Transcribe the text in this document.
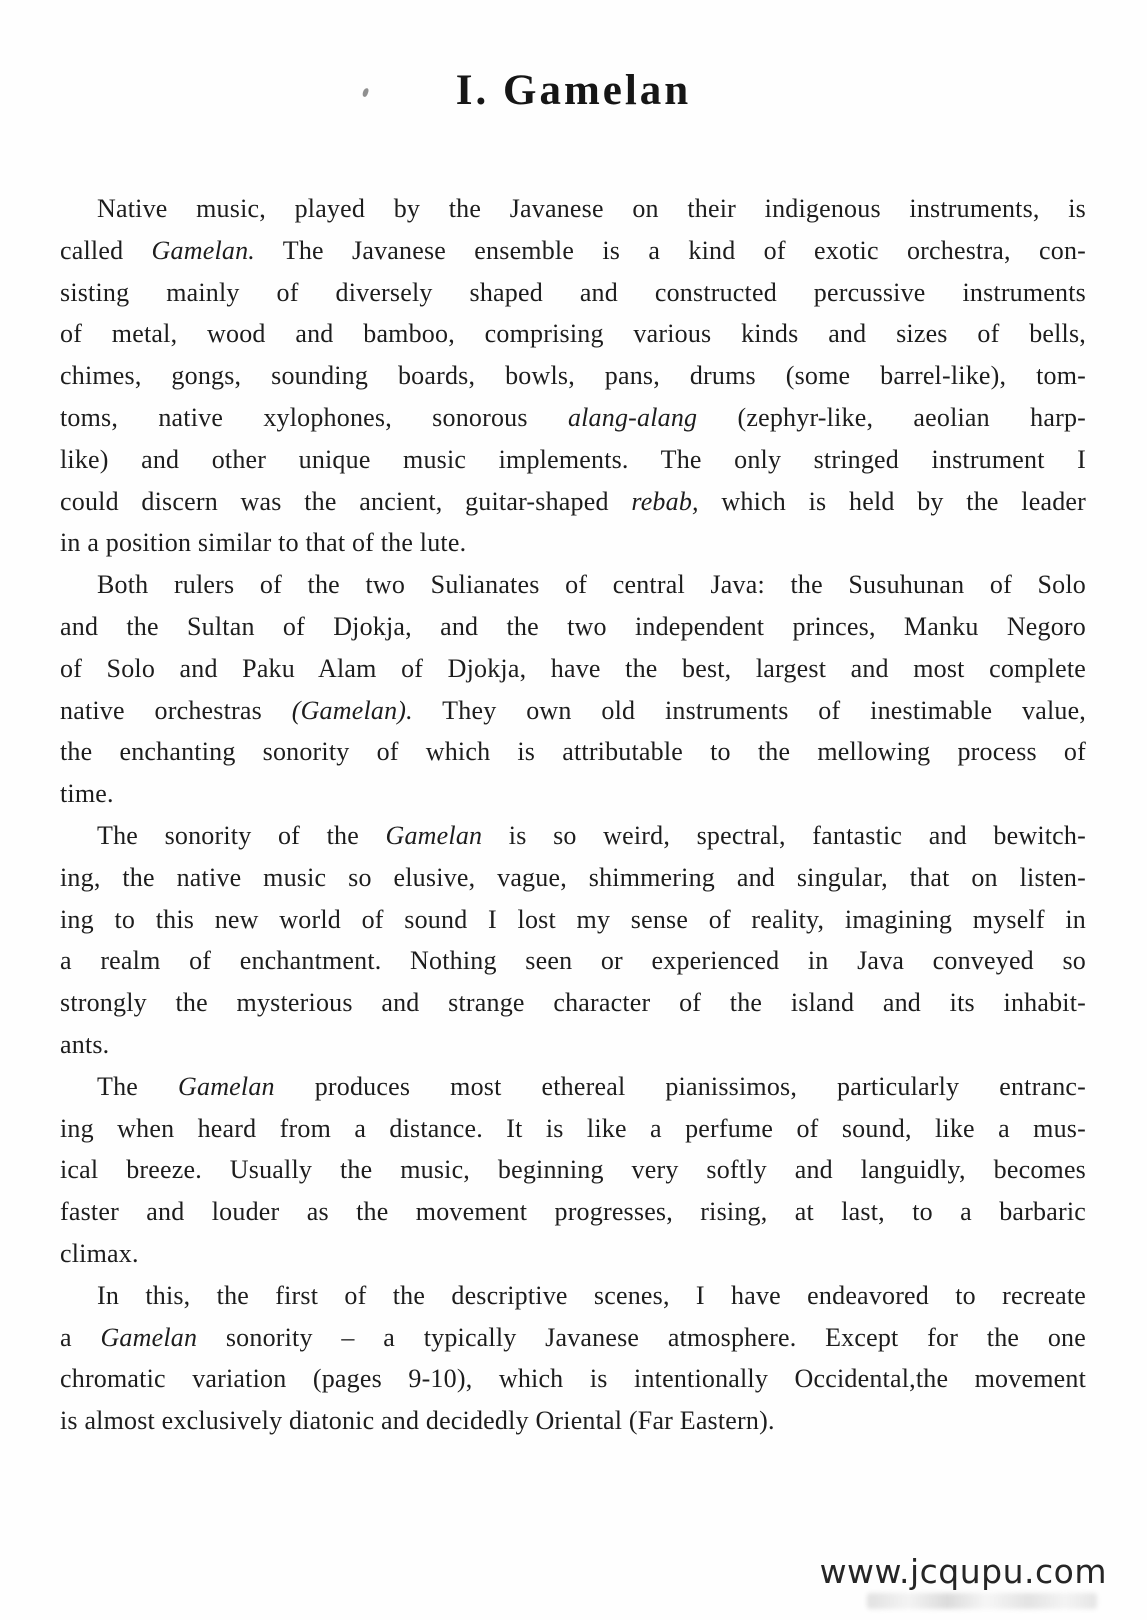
I. Gamelan
Native music, played by the Javanese on their indigenous instruments, is
called Gamelan. The Javanese ensemble is a kind of exotic orchestra, con-
sisting mainly of diversely shaped and constructed percussive instruments
of metal, wood and bamboo, comprising various kinds and sizes of bells,
chimes, gongs, sounding boards, bowls, pans, drums (some barrel-like), tom-
toms, native xylophones, sonorous alang-alang (zephyr-like, aeolian harp-
like) and other unique music implements. The only stringed instrument I
could discern was the ancient, guitar-shaped rebab, which is held by the leader
in a position similar to that of the lute.
Both rulers of the two Sulianates of central Java: the Susuhunan of Solo
and the Sultan of Djokja, and the two independent princes, Manku Negoro
of Solo and Paku Alam of Djokja, have the best, largest and most complete
native orchestras (Gamelan). They own old instruments of inestimable value,
the enchanting sonority of which is attributable to the mellowing process of
time.
The sonority of the Gamelan is so weird, spectral, fantastic and bewitch-
ing, the native music so elusive, vague, shimmering and singular, that on listen-
ing to this new world of sound I lost my sense of reality, imagining myself in
a realm of enchantment. Nothing seen or experienced in Java conveyed so
strongly the mysterious and strange character of the island and its inhabit-
ants.
The Gamelan produces most ethereal pianissimos, particularly entranc-
ing when heard from a distance. It is like a perfume of sound, like a mus-
ical breeze. Usually the music, beginning very softly and languidly, becomes
faster and louder as the movement progresses, rising, at last, to a barbaric
climax.
In this, the first of the descriptive scenes, I have endeavored to recreate
a Gamelan sonority – a typically Javanese atmosphere. Except for the one
chromatic variation (pages 9-10), which is intentionally Occidental,the movement
is almost exclusively diatonic and decidedly Oriental (Far Eastern).
www.jcqupu.com
